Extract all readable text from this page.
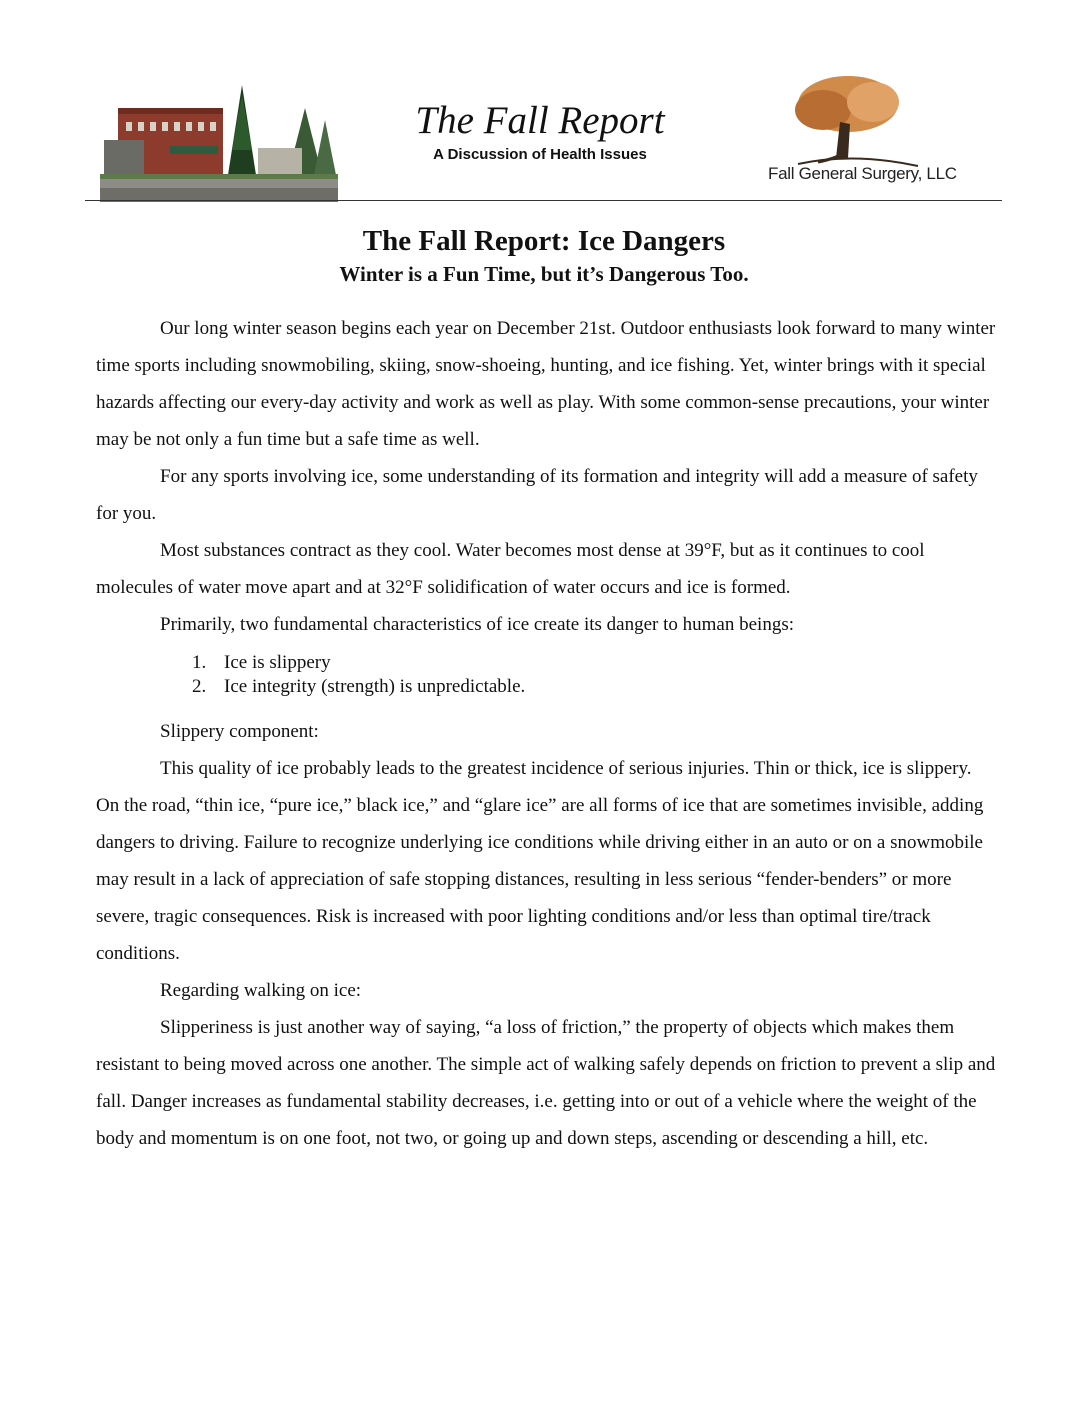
The Fall Report
A Discussion of Health Issues
Fall General Surgery, LLC
The Fall Report: Ice Dangers
Winter is a Fun Time, but it’s Dangerous Too.

Our long winter season begins each year on December 21st. Outdoor enthusiasts look forward to many winter time sports including snowmobiling, skiing, snow-shoeing, hunting, and ice fishing. Yet, winter brings with it special hazards affecting our every-day activity and work as well as play. With some common-sense precautions, your winter may be not only a fun time but a safe time as well.

For any sports involving ice, some understanding of its formation and integrity will add a measure of safety for you.

Most substances contract as they cool. Water becomes most dense at 39°F, but as it continues to cool molecules of water move apart and at 32°F solidification of water occurs and ice is formed.

Primarily, two fundamental characteristics of ice create its danger to human beings:

1. Ice is slippery
2. Ice integrity (strength) is unpredictable.

Slippery component:

This quality of ice probably leads to the greatest incidence of serious injuries. Thin or thick, ice is slippery. On the road, “thin ice, “pure ice,” black ice,” and “glare ice” are all forms of ice that are sometimes invisible, adding dangers to driving. Failure to recognize underlying ice conditions while driving either in an auto or on a snowmobile may result in a lack of appreciation of safe stopping distances, resulting in less serious “fender-benders” or more severe, tragic consequences. Risk is increased with poor lighting conditions and/or less than optimal tire/track conditions.

Regarding walking on ice:

Slipperiness is just another way of saying, “a loss of friction,” the property of objects which makes them resistant to being moved across one another. The simple act of walking safely depends on friction to prevent a slip and fall. Danger increases as fundamental stability decreases, i.e. getting into or out of a vehicle where the weight of the body and momentum is on one foot, not two, or going up and down steps, ascending or descending a hill, etc.
